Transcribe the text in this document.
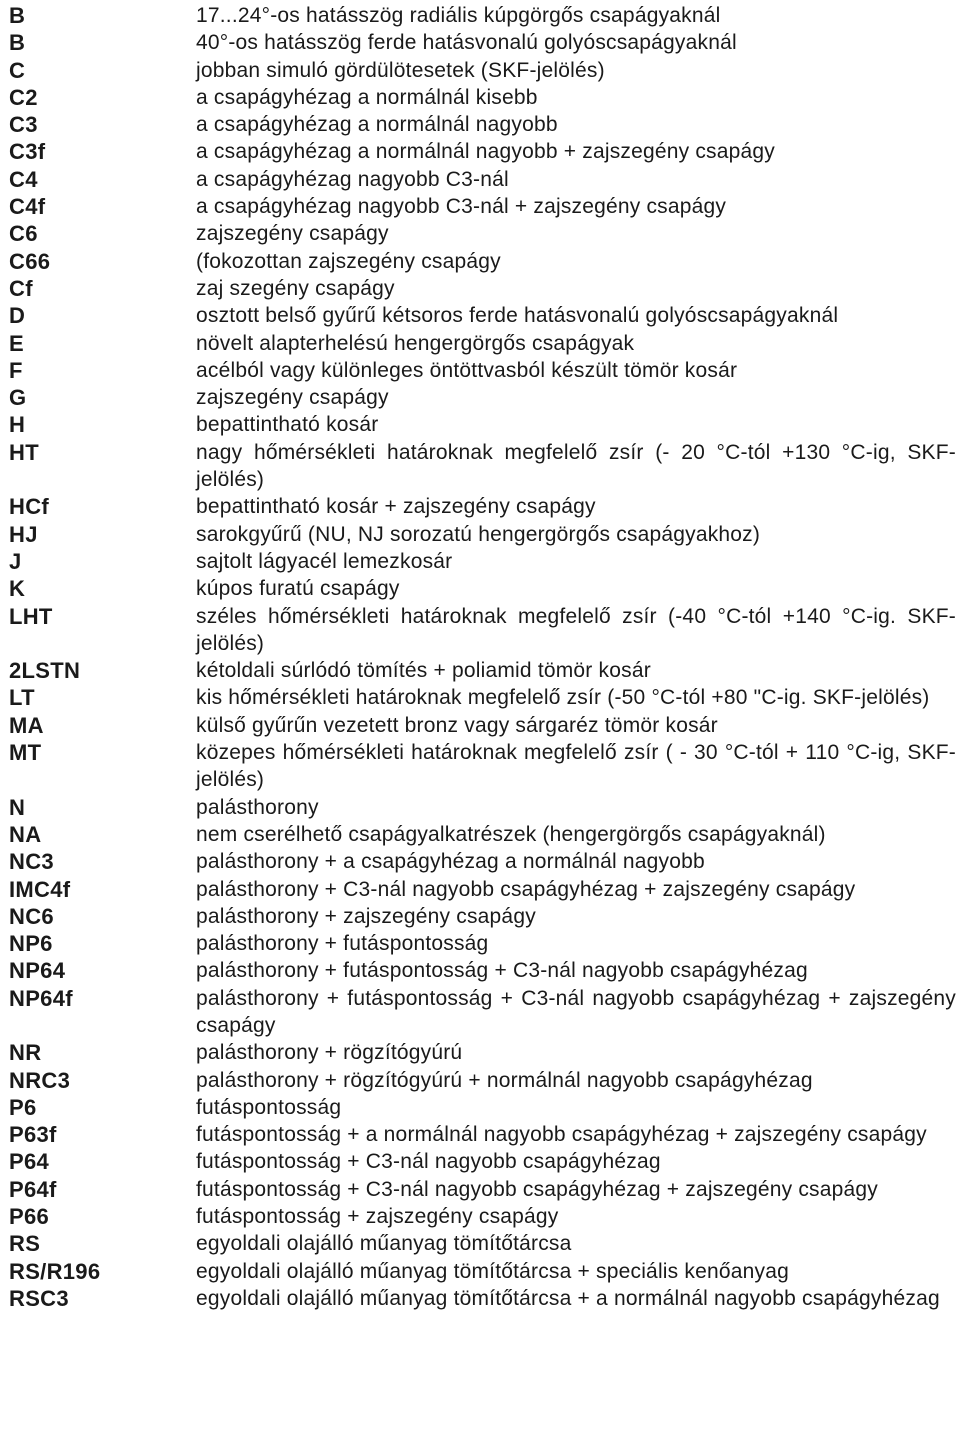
B	17...24°-os hatásszög radiális kúpgörgős csapágyaknál
B	40°-os hatásszög ferde hatásvonalú golyóscsapágyaknál
C	jobban simuló gördülötesetek (SKF-jelölés)
C2	a csapágyhézag a normálnál kisebb
C3	a csapágyhézag a normálnál nagyobb
C3f	a csapágyhézag a normálnál nagyobb + zajszegény csapágy
C4	a csapágyhézag nagyobb C3-nál
C4f	a csapágyhézag nagyobb C3-nál + zajszegény csapágy
C6	zajszegény csapágy
C66	(fokozottan zajszegény csapágy
Cf	zaj szegény csapágy
D	osztott belső gyűrű kétsoros ferde hatásvonalú golyóscsapágyaknál
E	növelt alapterhelésú hengergörgős csapágyak
F	acélból vagy különleges öntöttvasból készült tömör kosár
G	zajszegény csapágy
H	bepattintható kosár
HT	nagy hőmérsékleti határoknak megfelelő zsír (- 20 °C-tól +130 °C-ig, SKF-jelölés)
HCf	bepattintható kosár + zajszegény csapágy
HJ	sarokgyűrű (NU, NJ sorozatú hengergörgős csapágyakhoz)
J	sajtolt lágyacél lemezkosár
K	kúpos furatú csapágy
LHT	széles hőmérsékleti határoknak megfelelő zsír (-40 °C-tól +140 °C-ig. SKF-jelölés)
2LSTN	kétoldali súrlódó tömítés + poliamid tömör kosár
LT	kis hőmérsékleti határoknak megfelelő zsír (-50 °C-tól +80 "C-ig. SKF-jelölés)
MA	külső gyűrűn vezetett bronz vagy sárgaréz tömör kosár
MT	közepes hőmérsékleti határoknak megfelelő zsír ( - 30 °C-tól + 110 °C-ig, SKF-jelölés)
N	palásthorony
NA	nem cserélhető csapágyalkatrészek (hengergörgős csapágyaknál)
NC3	palásthorony + a csapágyhézag a normálnál nagyobb
IMC4f	palásthorony + C3-nál nagyobb csapágyhézag + zajszegény csapágy
NC6	palásthorony + zajszegény csapágy
NP6	palásthorony + futáspontosság
NP64	palásthorony + futáspontosság + C3-nál nagyobb csapágyhézag
NP64f	palásthorony + futáspontosság + C3-nál nagyobb csapágyhézag + zajszegény csapágy
NR	palásthorony + rögzítógyúrú
NRC3	palásthorony + rögzítógyúrú + normálnál nagyobb csapágyhézag
P6	futáspontosság
P63f	futáspontosság + a normálnál nagyobb csapágyhézag + zajszegény csapágy
P64	futáspontosság + C3-nál nagyobb csapágyhézag
P64f	futáspontosság + C3-nál nagyobb csapágyhézag + zajszegény csapágy
P66	futáspontosság + zajszegény csapágy
RS	egyoldali olajálló műanyag tömítőtárcsa
RS/R196	egyoldali olajálló műanyag tömítőtárcsa + speciális kenőanyag
RSC3	egyoldali olajálló műanyag tömítőtárcsa + a normálnál nagyobb csapágyhézag
